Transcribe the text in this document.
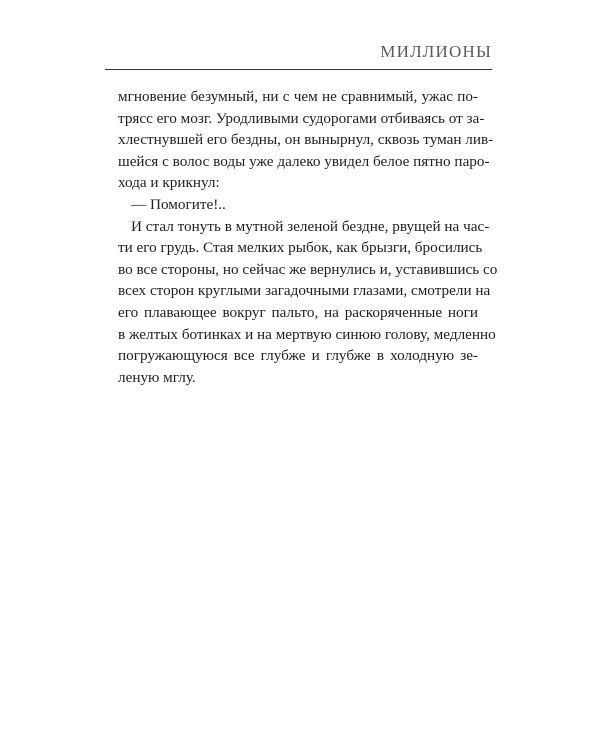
МИЛЛИОНЫ
мгновение безумный, ни с чем не сравнимый, ужас по-
трясс его мозг. Уродливыми судорогами отбиваясь от за-
хлестнувшей его бездны, он вынырнул, сквозь туман лив-
шейся с волос воды уже далеко увидел белое пятно паро-
хода и крикнул:
— Помогите!..
И стал тонуть в мутной зеленой бездне, рвущей на час-
ти его грудь. Стая мелких рыбок, как брызги, бросились
во все стороны, но сейчас же вернулись и, уставившись со
всех сторон круглыми загадочными глазами, смотрели на
его плавающее вокруг пальто, на раскоряченные ноги
в желтых ботинках и на мертвую синюю голову, медленно
погружающуюся все глубже и глубже в холодную зе-
леную мглу.
